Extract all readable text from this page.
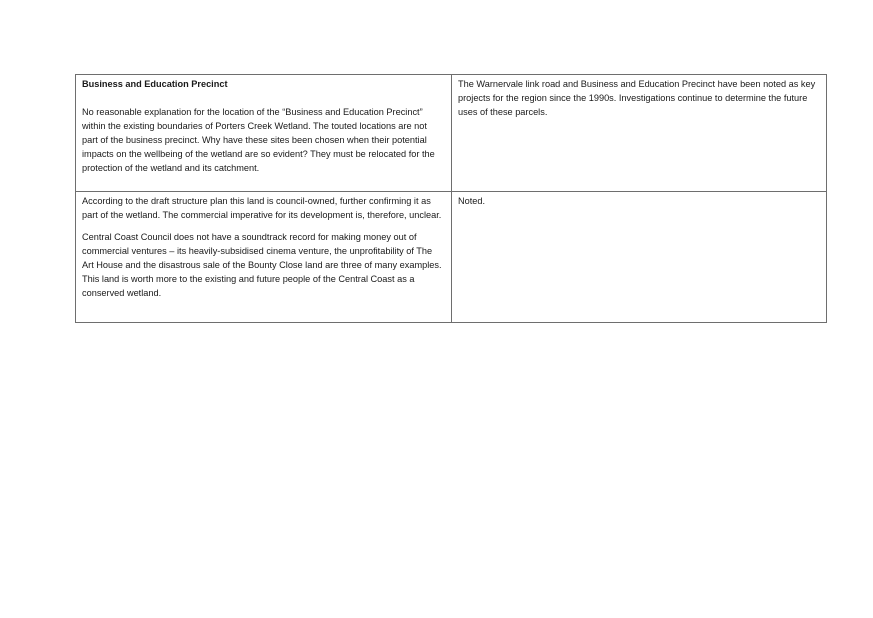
Business and Education Precinct

No reasonable explanation for the location of the “Business and Education Precinct” within the existing boundaries of Porters Creek Wetland. The touted locations are not part of the business precinct. Why have these sites been chosen when their potential impacts on the wellbeing of the wetland are so evident? They must be relocated for the protection of the wetland and its catchment.	The Warnervale link road and Business and Education Precinct have been noted as key projects for the region since the 1990s. Investigations continue to determine the future uses of these parcels.

According to the draft structure plan this land is council-owned, further confirming it as part of the wetland. The commercial imperative for its development is, therefore, unclear.

Central Coast Council does not have a soundtrack record for making money out of commercial ventures – its heavily-subsidised cinema venture, the unprofitability of The Art House and the disastrous sale of the Bounty Close land are three of many examples. This land is worth more to the existing and future people of the Central Coast as a conserved wetland.	Noted.
